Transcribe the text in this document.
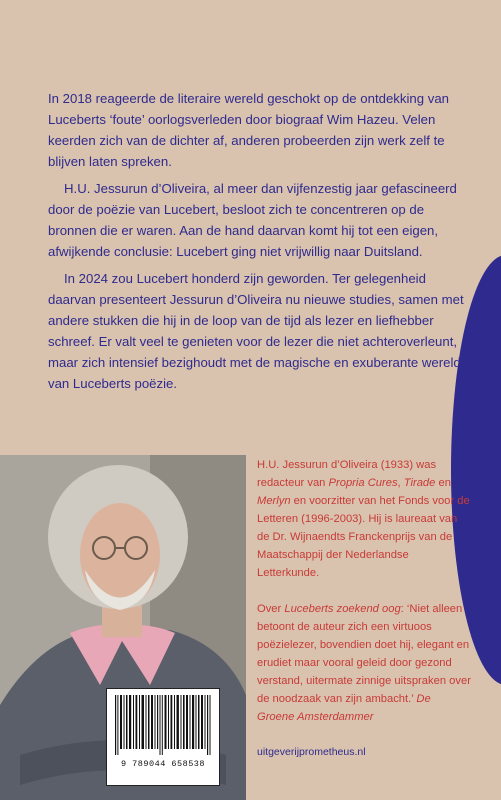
In 2018 reageerde de literaire wereld geschokt op de ontdekking van Luceberts ‘foute’ oorlogsverleden door biograaf Wim Hazeu. Velen keerden zich van de dichter af, anderen probeerden zijn werk zelf te blijven laten spreken.

H.U. Jessurun d’Oliveira, al meer dan vijfenzestig jaar gefascineerd door de poëzie van Lucebert, besloot zich te concentreren op de bronnen die er waren. Aan de hand daarvan komt hij tot een eigen, afwijkende conclusie: Lucebert ging niet vrijwillig naar Duitsland.

In 2024 zou Lucebert honderd zijn geworden. Ter gelegenheid daarvan presenteert Jessurun d’Oliveira nu nieuwe studies, samen met andere stukken die hij in de loop van de tijd als lezer en liefhebber schreef. Er valt veel te genieten voor de lezer die niet achteroverleunt, maar zich intensief bezighoudt met de magische en exuberante wereld van Luceberts poëzie.

H.U. Jessurun d’Oliveira (1933) was redacteur van Propria Cures, Tirade en Merlyn en voorzitter van het Fonds voor de Letteren (1996-2003). Hij is laureaat van de Dr. Wijnaendts Franckenprijs van de Maatschappij der Nederlandse Letterkunde.

Over Luceberts zoekend oog: ‘Niet alleen betoont de auteur zich een virtuoos poëzielezer, bovendien doet hij, elegant en erudiet maar vooral geleid door gezond verstand, uitermate zinnige uitspraken over de noodzaak van zijn ambacht.’ De Groene Amsterdammer

uitgeverijprometheus.nl
9 789044 658538
